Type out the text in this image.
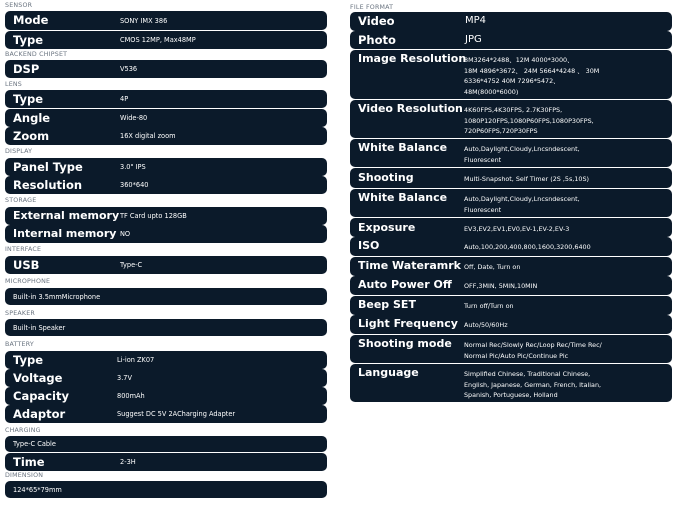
SENSOR
Mode	SONY IMX 386
Type	CMOS 12MP, Max48MP
BACKEND CHIPSET
DSP	V536
LENS
Type	4P
Angle	Wide-80
Zoom	16X digital zoom
DISPLAY
Panel Type	3.0" IPS
Resolution	360*640
STORAGE
External memory TF Card upto 128GB
Internal memory NO
INTERFACE
USB	Type-C
MICROPHONE
Built-in 3.5mmMicrophone
SPEAKER
Built-in Speaker
BATTERY
Type	Li-ion ZK07
Voltage	3.7V
Capacity	800mAh
Adaptor	Suggest DC 5V 2ACharging Adapter
CHARGING
Type-C Cable
Time	2-3H
DIMENSION
124*65*79mm
FILE FORMAT
Video	MP4
Photo	JPG
Image Resolution
8M3264*2488、12M 4000*3000、
18M 4896*3672、 24M 5664*4248 、 30M
6336*4752 40M 7296*5472、
48M(8000*6000)
Video Resolution 4K60FPS,4K30FPS, 2.7K30FPS,
1080P120FPS,1080P60FPS,1080P30FPS,
720P60FPS,720P30FPS
White Balance	Auto,Daylight,Cloudy,Lncsndescent,
Fluorescent
Shooting	Multi-Snapshot, Self Timer (2S ,5s,10S)
White Balance	Auto,Daylight,Cloudy,Lncsndescent,
Fluorescent
Exposure	EV3,EV2,EV1,EV0,EV-1,EV-2,EV-3
ISO	Auto,100,200,400,800,1600,3200,6400
Time Wateramrk Off, Date, Turn on
Auto Power Off OFF,3MIN, 5MIN,10MIN
Beep SET	Turn off/Turn on
Light Frequency Auto/50/60Hz
Shooting mode Normal Rec/Slowly Rec/Loop Rec/Time Rec/
Normal Pic/Auto Pic/Continue Pic
Language	Simplified Chinese, Traditional Chinese,
English, Japanese, German, French, Italian,
Spanish, Portuguese, Holland
